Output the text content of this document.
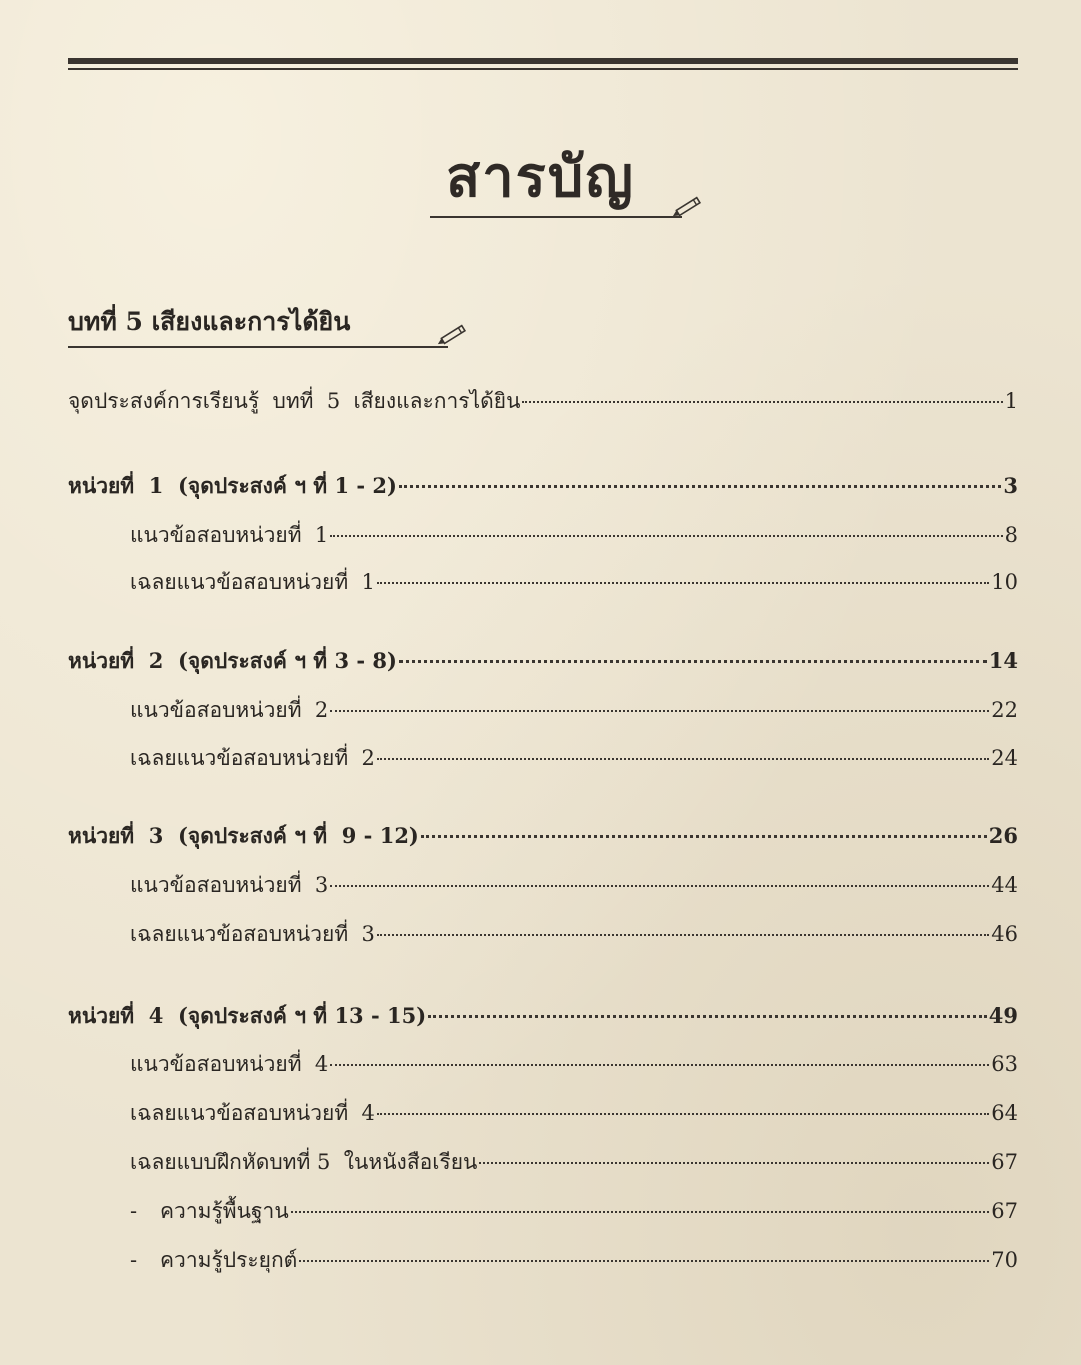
สารบัญ
บทที่ 5 เสียงและการได้ยิน
จุดประสงค์การเรียนรู้  บทที่  5  เสียงและการได้ยิน	1
หน่วยที่  1  (จุดประสงค์ ฯ ที่ 1 - 2)	3
แนวข้อสอบหน่วยที่  1	8
เฉลยแนวข้อสอบหน่วยที่  1	10
หน่วยที่  2  (จุดประสงค์ ฯ ที่ 3 - 8)	14
แนวข้อสอบหน่วยที่  2	22
เฉลยแนวข้อสอบหน่วยที่  2	24
หน่วยที่  3  (จุดประสงค์ ฯ ที่  9 - 12)	26
แนวข้อสอบหน่วยที่  3	44
เฉลยแนวข้อสอบหน่วยที่  3	46
หน่วยที่  4  (จุดประสงค์ ฯ ที่ 13 - 15)	49
แนวข้อสอบหน่วยที่  4	63
เฉลยแนวข้อสอบหน่วยที่  4	64
เฉลยแบบฝึกหัดบทที่ 5  ในหนังสือเรียน	67
-	ความรู้พื้นฐาน	67
-	ความรู้ประยุกต์	70
